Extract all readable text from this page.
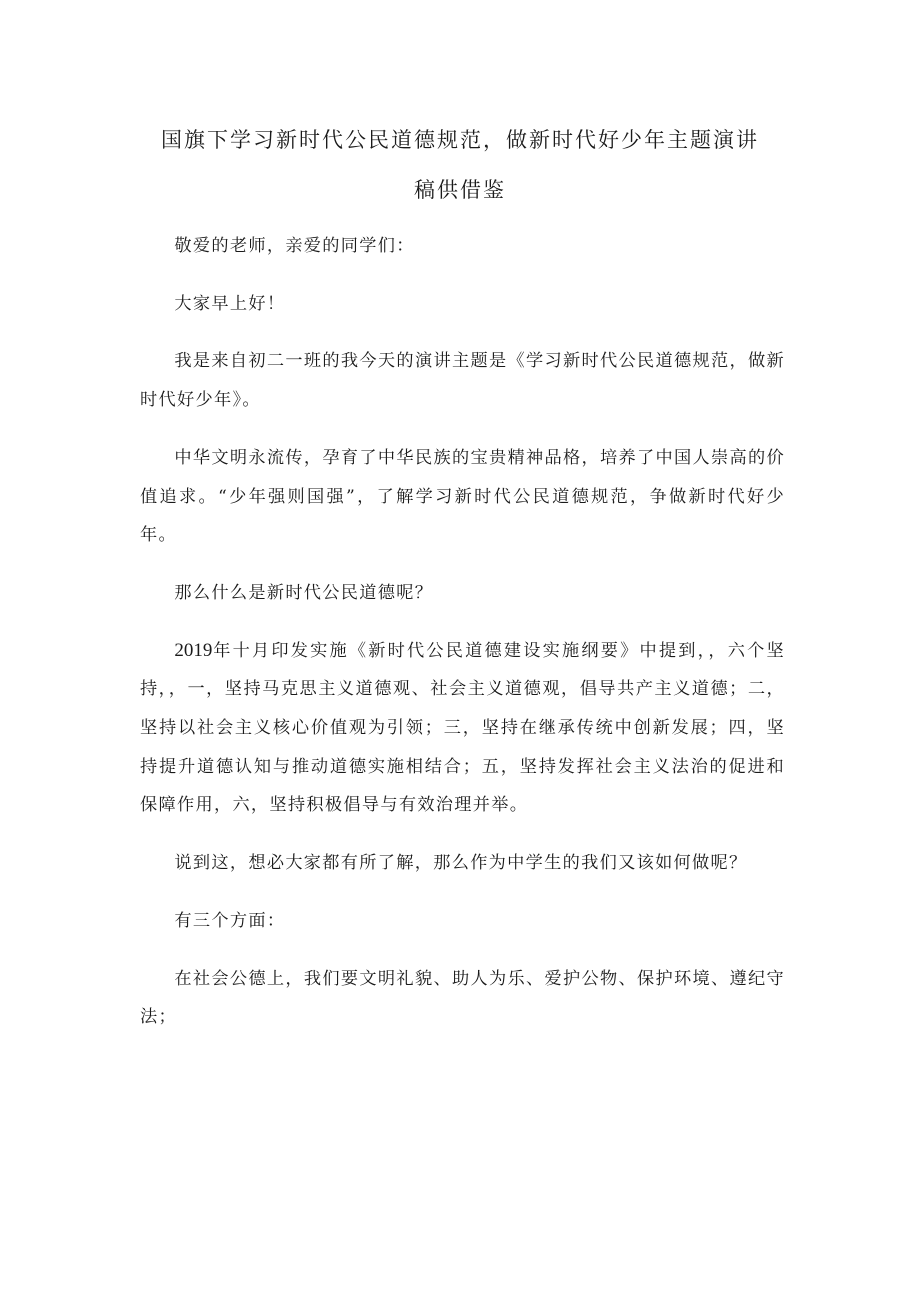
国旗下学习新时代公民道德规范，做新时代好少年主题演讲
稿供借鉴

敬爱的老师，亲爱的同学们：

大家早上好！

我是来自初二一班的我今天的演讲主题是《学习新时代公民道德规范，做新时代好少年》。

中华文明永流传，孕育了中华民族的宝贵精神品格，培养了中国人崇高的价值追求。“少年强则国强”，了解学习新时代公民道德规范，争做新时代好少年。

那么什么是新时代公民道德呢？

2019年十月印发实施《新时代公民道德建设实施纲要》中提到，，六个坚持，，一，坚持马克思主义道德观、社会主义道德观，倡导共产主义道德；二，坚持以社会主义核心价值观为引领；三，坚持在继承传统中创新发展；四，坚持提升道德认知与推动道德实施相结合；五，坚持发挥社会主义法治的促进和保障作用，六，坚持积极倡导与有效治理并举。

说到这，想必大家都有所了解，那么作为中学生的我们又该如何做呢？

有三个方面：

在社会公德上，我们要文明礼貌、助人为乐、爱护公物、保护环境、遵纪守法；
